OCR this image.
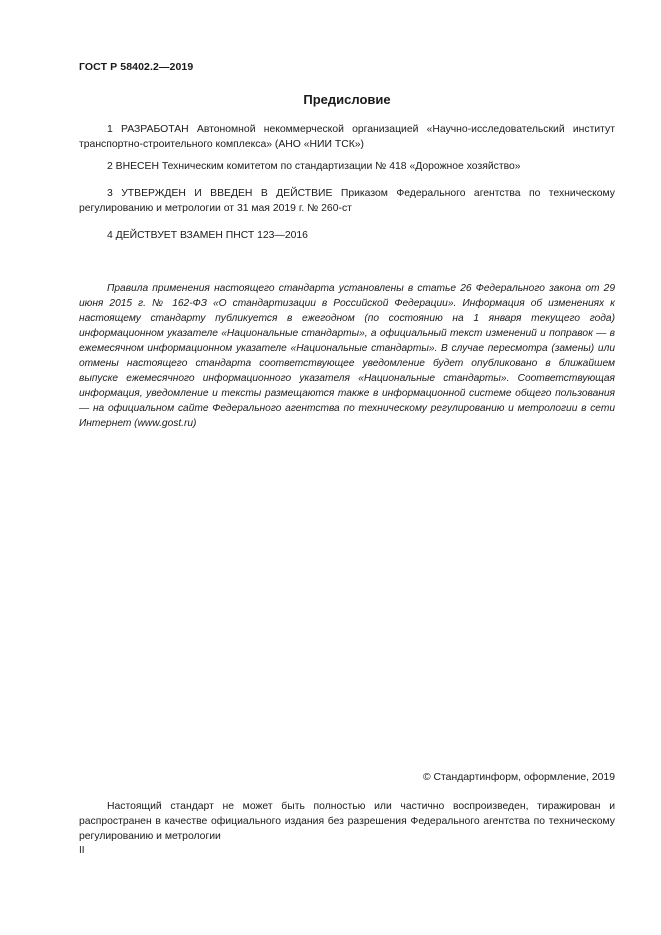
ГОСТ Р 58402.2—2019
Предисловие
1 РАЗРАБОТАН Автономной некоммерческой организацией «Научно-исследовательский институт транспортно-строительного комплекса» (АНО «НИИ ТСК»)
2 ВНЕСЕН Техническим комитетом по стандартизации № 418 «Дорожное хозяйство»
3 УТВЕРЖДЕН И ВВЕДЕН В ДЕЙСТВИЕ Приказом Федерального агентства по техническому регулированию и метрологии от 31 мая 2019 г. № 260-ст
4 ДЕЙСТВУЕТ ВЗАМЕН ПНСТ 123—2016
Правила применения настоящего стандарта установлены в статье 26 Федерального закона от 29 июня 2015 г. № 162-ФЗ «О стандартизации в Российской Федерации». Информация об изменениях к настоящему стандарту публикуется в ежегодном (по состоянию на 1 января текущего года) информационном указателе «Национальные стандарты», а официальный текст изменений и поправок — в ежемесячном информационном указателе «Национальные стандарты». В случае пересмотра (замены) или отмены настоящего стандарта соответствующее уведомление будет опубликовано в ближайшем выпуске ежемесячного информационного указателя «Национальные стандарты». Соответствующая информация, уведомление и тексты размещаются также в информационной системе общего пользования — на официальном сайте Федерального агентства по техническому регулированию и метрологии в сети Интернет (www.gost.ru)
© Стандартинформ, оформление, 2019
Настоящий стандарт не может быть полностью или частично воспроизведен, тиражирован и распространен в качестве официального издания без разрешения Федерального агентства по техническому регулированию и метрологии
II
